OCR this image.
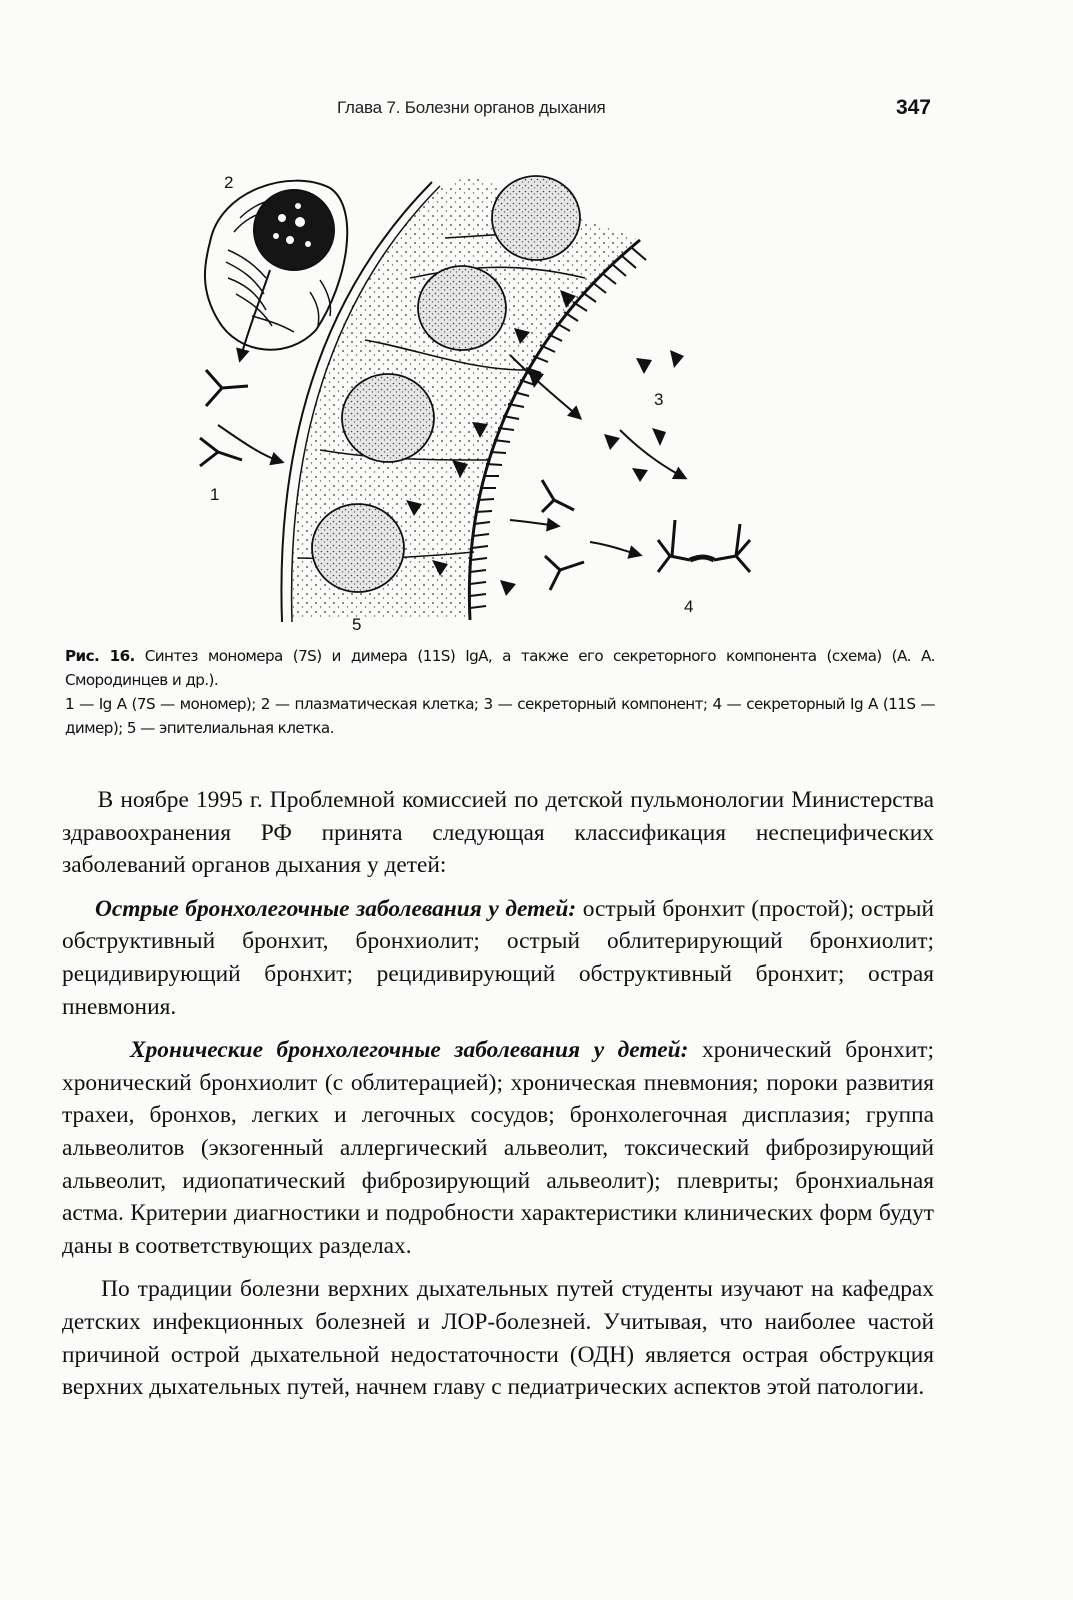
Глава 7. Болезни органов дыхания	347
2
1
3
4
5

Рис. 16. Синтез мономера (7S) и димера (11S) IgA, а также его секреторного компонента (схема) (А. А. Смородинцев и др.).

1 — Ig A (7S — мономер); 2 — плазматическая клетка; 3 — секреторный компонент; 4 — секреторный Ig A (11S — димер); 5 — эпителиальная клетка.

В ноябре 1995 г. Проблемной комиссией по детской пульмонологии Министерства здравоохранения РФ принята следующая классификация неспецифических заболеваний органов дыхания у детей:

Острые бронхолегочные заболевания у детей: острый бронхит (простой); острый обструктивный бронхит, бронхиолит; острый облитерирующий бронхиолит; рецидивирующий бронхит; рецидивирующий обструктивный бронхит; острая пневмония.

Хронические бронхолегочные заболевания у детей: хронический бронхит; хронический бронхиолит (с облитерацией); хроническая пневмония; пороки развития трахеи, бронхов, легких и легочных сосудов; бронхолегочная дисплазия; группа альвеолитов (экзогенный аллергический альвеолит, токсический фиброзирующий альвеолит, идиопатический фиброзирующий альвеолит); плевриты; бронхиальная астма. Критерии диагностики и подробности характеристики клинических форм будут даны в соответствующих разделах.

По традиции болезни верхних дыхательных путей студенты изучают на кафедрах детских инфекционных болезней и ЛОР-болезней. Учитывая, что наиболее частой причиной острой дыхательной недостаточности (ОДН) является острая обструкция верхних дыхательных путей, начнем главу с педиатрических аспектов этой патологии.
